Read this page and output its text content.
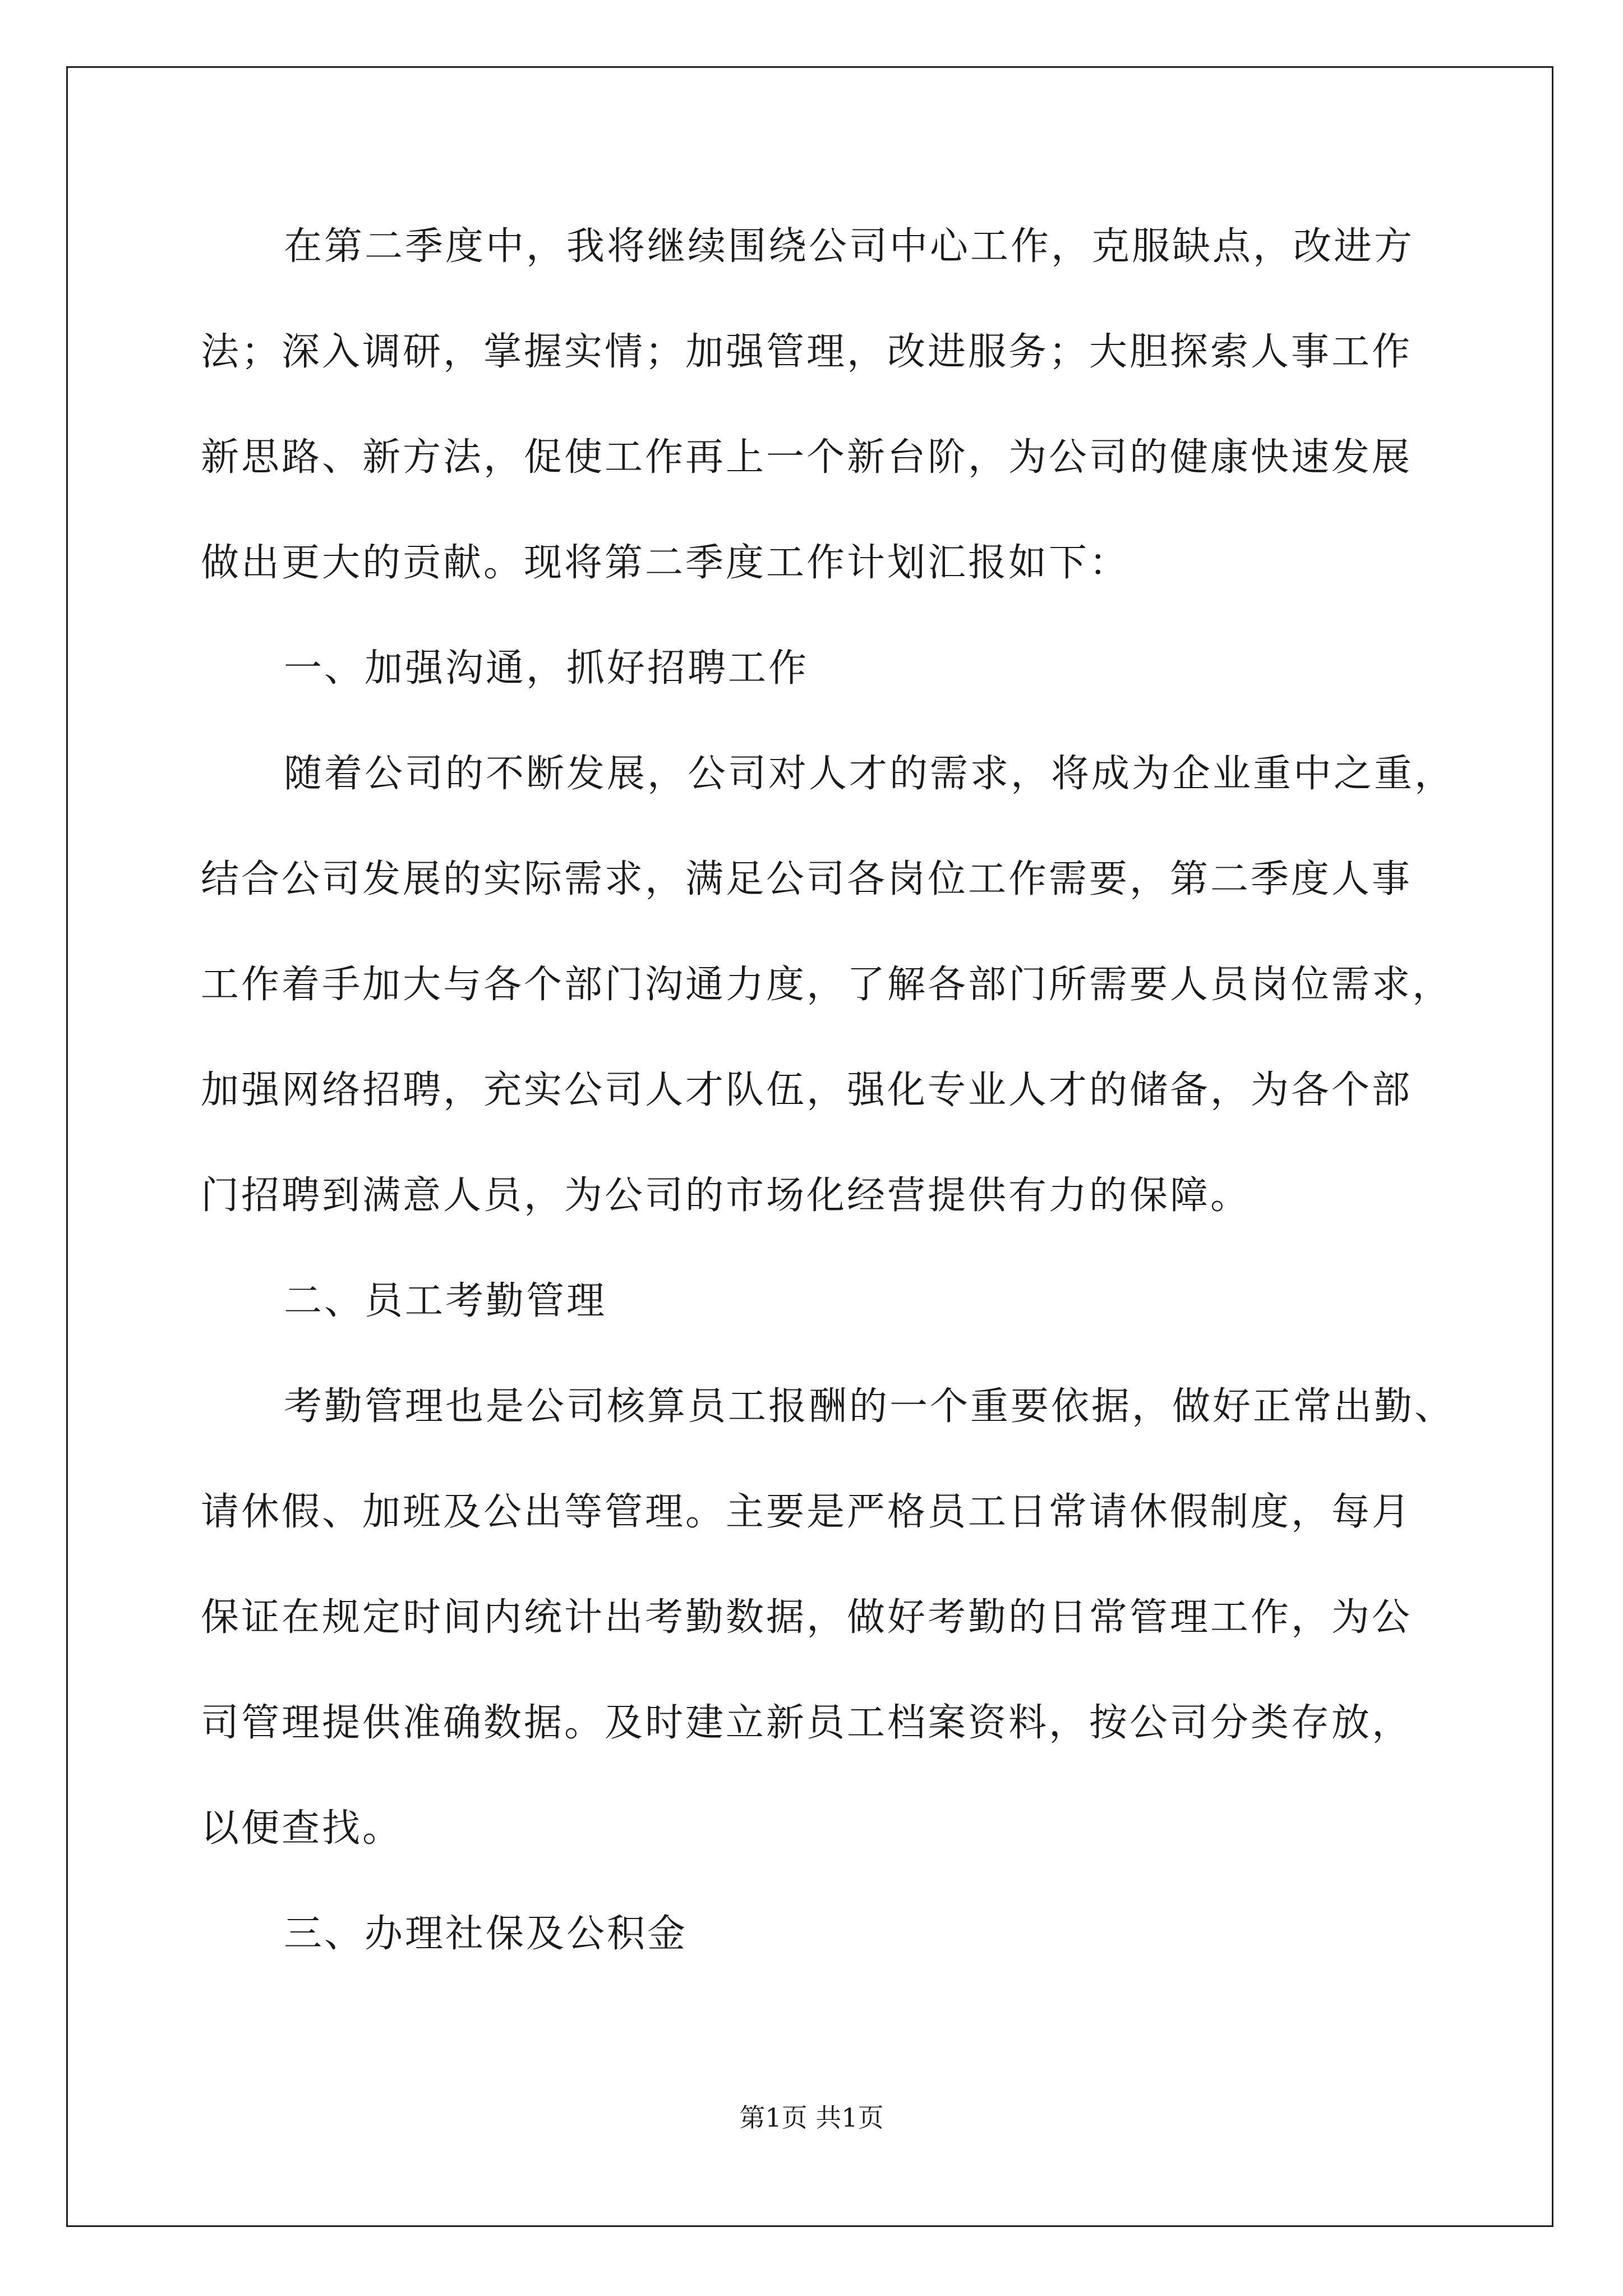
在第二季度中，我将继续围绕公司中心工作，克服缺点，改进方
法；深入调研，掌握实情；加强管理，改进服务；大胆探索人事工作
新思路、新方法，促使工作再上一个新台阶，为公司的健康快速发展
做出更大的贡献。现将第二季度工作计划汇报如下：
一、加强沟通，抓好招聘工作
随着公司的不断发展，公司对人才的需求，将成为企业重中之重，
结合公司发展的实际需求，满足公司各岗位工作需要，第二季度人事
工作着手加大与各个部门沟通力度，了解各部门所需要人员岗位需求，
加强网络招聘，充实公司人才队伍，强化专业人才的储备，为各个部
门招聘到满意人员，为公司的市场化经营提供有力的保障。
二、员工考勤管理
考勤管理也是公司核算员工报酬的一个重要依据，做好正常出勤、
请休假、加班及公出等管理。主要是严格员工日常请休假制度，每月
保证在规定时间内统计出考勤数据，做好考勤的日常管理工作，为公
司管理提供准确数据。及时建立新员工档案资料，按公司分类存放，
以便查找。
三、办理社保及公积金
第1页 共1页
